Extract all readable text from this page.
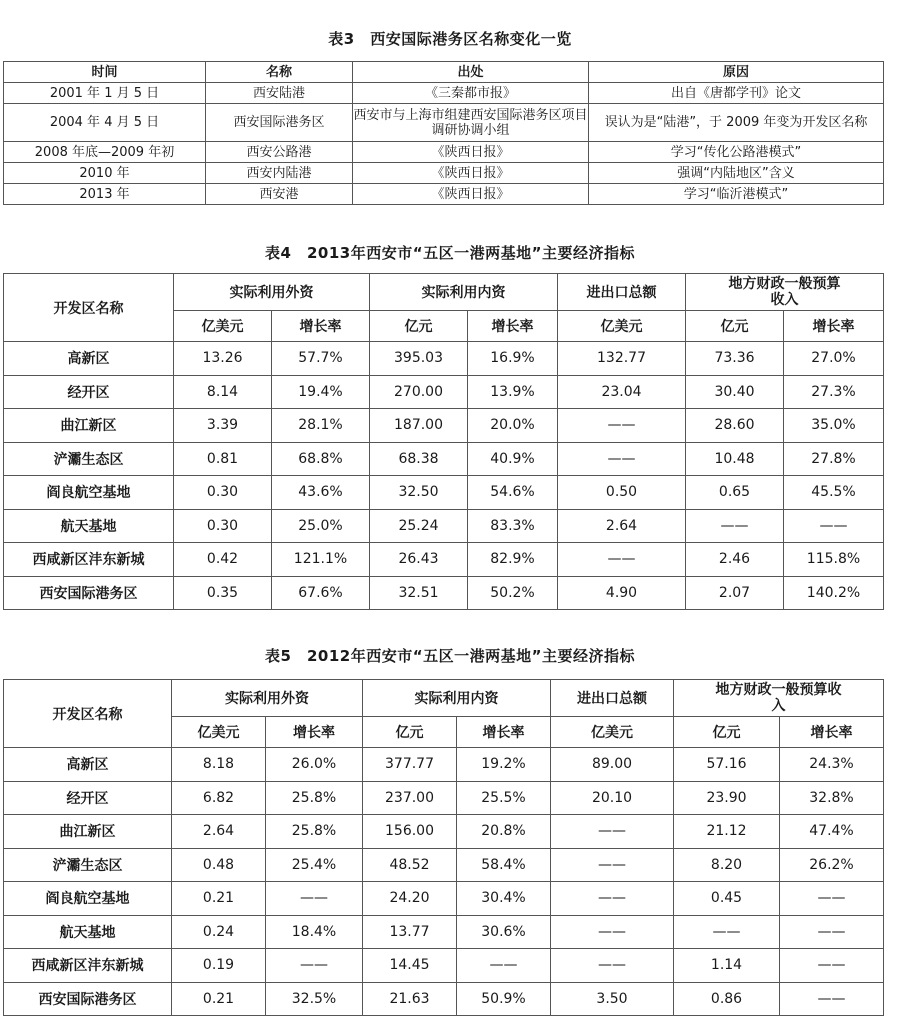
表3　西安国际港务区名称变化一览
时间	名称	出处	原因
2001 年 1 月 5 日	西安陆港	《三秦都市报》	出自《唐都学刊》论文
2004 年 4 月 5 日	西安国际港务区	西安市与上海市组建西安国际港务区项目调研协调小组	误认为是“陆港”，于 2009 年变为开发区名称
2008 年底—2009 年初	西安公路港	《陕西日报》	学习“传化公路港模式”
2010 年	西安内陆港	《陕西日报》	强调“内陆地区”含义
2013 年	西安港	《陕西日报》	学习“临沂港模式”
表4　2013年西安市“五区一港两基地”主要经济指标
开发区名称	实际利用外资		实际利用内资		进出口总额	地方财政一般预算收入	
	亿美元	增长率	亿元	增长率	亿美元	亿元	增长率
高新区	13.26	57.7%	395.03	16.9%	132.77	73.36	27.0%
经开区	8.14	19.4%	270.00	13.9%	23.04	30.40	27.3%
曲江新区	3.39	28.1%	187.00	20.0%	——	28.60	35.0%
浐灞生态区	0.81	68.8%	68.38	40.9%	——	10.48	27.8%
阎良航空基地	0.30	43.6%	32.50	54.6%	0.50	0.65	45.5%
航天基地	0.30	25.0%	25.24	83.3%	2.64	——	——
西咸新区沣东新城	0.42	121.1%	26.43	82.9%	——	2.46	115.8%
西安国际港务区	0.35	67.6%	32.51	50.2%	4.90	2.07	140.2%
表5　2012年西安市“五区一港两基地”主要经济指标
开发区名称	实际利用外资		实际利用内资		进出口总额	地方财政一般预算收入	
	亿美元	增长率	亿元	增长率	亿美元	亿元	增长率
高新区	8.18	26.0%	377.77	19.2%	89.00	57.16	24.3%
经开区	6.82	25.8%	237.00	25.5%	20.10	23.90	32.8%
曲江新区	2.64	25.8%	156.00	20.8%	——	21.12	47.4%
浐灞生态区	0.48	25.4%	48.52	58.4%	——	8.20	26.2%
阎良航空基地	0.21	——	24.20	30.4%	——	0.45	——
航天基地	0.24	18.4%	13.77	30.6%	——	——	——
西咸新区沣东新城	0.19	——	14.45	——	——	1.14	——
西安国际港务区	0.21	32.5%	21.63	50.9%	3.50	0.86	——
